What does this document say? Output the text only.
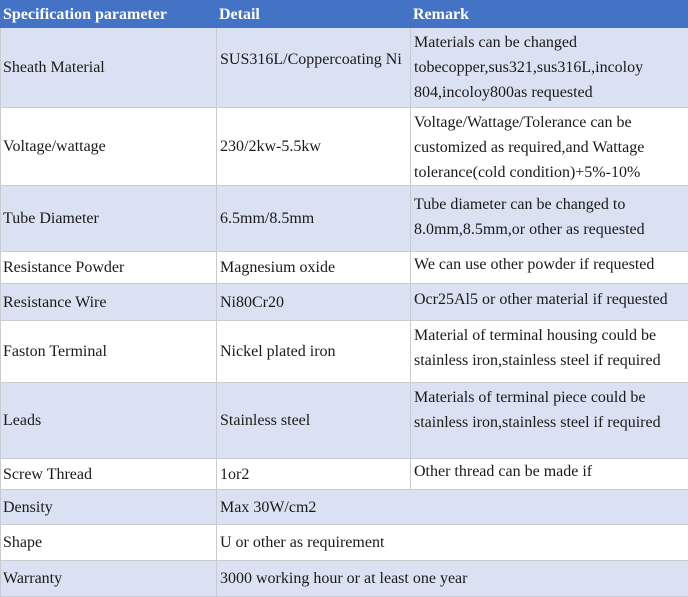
Specification parameter	Detail	Remark
Sheath Material	SUS316L/Coppercoating Ni	Materials can be changed tobecopper,sus321,sus316L,incoloy 804,incoloy800as requested

Voltage/wattage	230/2kw-5.5kw	Voltage/Wattage/Tolerance can be customized as required,and Wattage tolerance(cold condition)+5%-10%

Tube Diameter	6.5mm/8.5mm	Tube diameter can be changed to 8.0mm,8.5mm,or other as requested

Resistance Powder	Magnesium oxide	We can use other powder if requested

Resistance Wire	Ni80Cr20	Ocr25Al5 or other material if requested

Faston Terminal	Nickel plated iron	Material of terminal housing could be stainless iron,stainless steel if required

Leads	Stainless steel	Materials of terminal piece could be stainless iron,stainless steel if required

Screw Thread	1or2	Other thread can be made if

Density	Max 30W/cm2	
Shape	U or other as requirement	
Warranty	3000 working hour or at least one year	
